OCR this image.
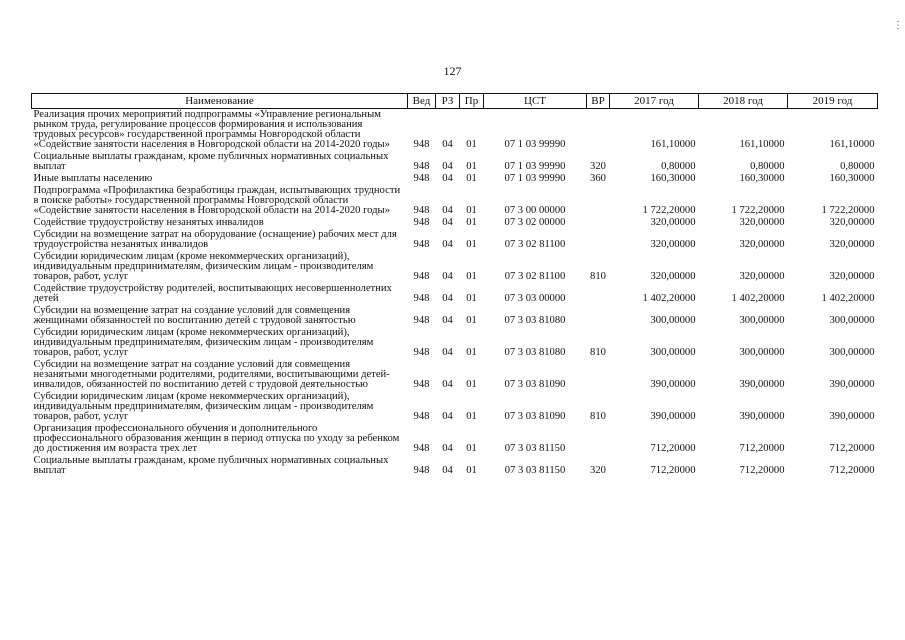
127
⋮
Наименование	Вед	РЗ	Пр	ЦСТ	ВР	2017 год	2018 год	2019 год
Реализация прочих мероприятий подпрограммы «Управление региональным рынком труда, регулирование процессов формирования и использования трудовых ресурсов» государственной программы Новгородской области «Содействие занятости населения в Новгородской области на 2014-2020 годы»	948	04	01	07 1 03 99990		161,10000	161,10000	161,10000
Социальные выплаты гражданам, кроме публичных нормативных социальных выплат	948	04	01	07 1 03 99990	320	0,80000	0,80000	0,80000
Иные выплаты населению	948	04	01	07 1 03 99990	360	160,30000	160,30000	160,30000
Подпрограмма «Профилактика безработицы граждан, испытывающих трудности в поиске работы» государственной программы Новгородской области «Содействие занятости населения в Новгородской области на 2014-2020 годы»	948	04	01	07 3 00 00000		1 722,20000	1 722,20000	1 722,20000
Содействие трудоустройству незанятых инвалидов	948	04	01	07 3 02 00000		320,00000	320,00000	320,00000
Субсидии на возмещение затрат на оборудование (оснащение) рабочих мест для трудоустройства незанятых инвалидов	948	04	01	07 3 02 81100		320,00000	320,00000	320,00000
Субсидии юридическим лицам (кроме некоммерческих организаций), индивидуальным предпринимателям, физическим лицам - производителям товаров, работ, услуг	948	04	01	07 3 02 81100	810	320,00000	320,00000	320,00000
Содействие трудоустройству родителей, воспитывающих несовершеннолетних детей	948	04	01	07 3 03 00000		1 402,20000	1 402,20000	1 402,20000
Субсидии на возмещение затрат на создание условий для совмещения женщинами обязанностей по воспитанию детей с трудовой занятостью	948	04	01	07 3 03 81080		300,00000	300,00000	300,00000
Субсидии юридическим лицам (кроме некоммерческих организаций), индивидуальным предпринимателям, физическим лицам - производителям товаров, работ, услуг	948	04	01	07 3 03 81080	810	300,00000	300,00000	300,00000
Субсидии на возмещение затрат на создание условий для совмещения незанятыми многодетными родителями, родителями, воспитывающими детей-инвалидов, обязанностей по воспитанию детей с трудовой деятельностью	948	04	01	07 3 03 81090		390,00000	390,00000	390,00000
Субсидии юридическим лицам (кроме некоммерческих организаций), индивидуальным предпринимателям, физическим лицам - производителям товаров, работ, услуг	948	04	01	07 3 03 81090	810	390,00000	390,00000	390,00000
Организация профессионального обучения и дополнительного профессионального образования женщин в период отпуска по уходу за ребенком до достижения им возраста трех лет	948	04	01	07 3 03 81150		712,20000	712,20000	712,20000
Социальные выплаты гражданам, кроме публичных нормативных социальных выплат	948	04	01	07 3 03 81150	320	712,20000	712,20000	712,20000
